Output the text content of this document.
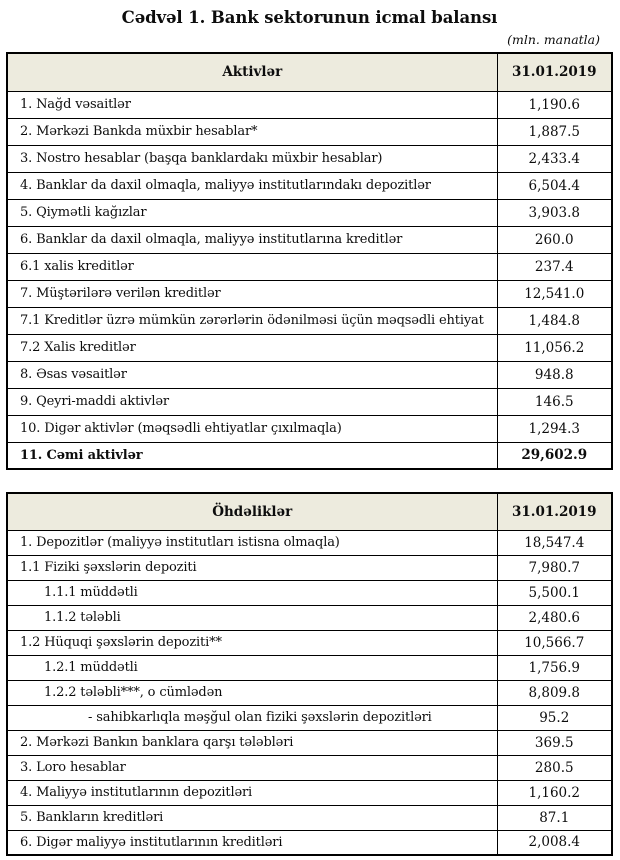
Cədvəl 1. Bank sektorunun icmal balansı
(mln. manatla)
Aktivlər	31.01.2019
1. Nağd vəsaitlər	1,190.6
2. Mərkəzi Bankda müxbir hesablar*	1,887.5
3. Nostro hesablar (başqa banklardakı müxbir hesablar)	2,433.4
4. Banklar da daxil olmaqla, maliyyə institutlarındakı depozitlər	6,504.4
5. Qiymətli kağızlar	3,903.8
6. Banklar da daxil olmaqla, maliyyə institutlarına kreditlər	260.0
6.1 xalis kreditlər	237.4
7. Müştərilərə verilən kreditlər	12,541.0
7.1 Kreditlər üzrə mümkün zərərlərin ödənilməsi üçün məqsədli ehtiyat	1,484.8
7.2 Xalis kreditlər	11,056.2
8. Əsas vəsaitlər	948.8
9. Qeyri-maddi aktivlər	146.5
10. Digər aktivlər (məqsədli ehtiyatlar çıxılmaqla)	1,294.3
11. Cəmi aktivlər	29,602.9
Öhdəliklər	31.01.2019
1. Depozitlər (maliyyə institutları istisna olmaqla)	18,547.4
1.1 Fiziki şəxslərin depoziti	7,980.7
1.1.1 müddətli	5,500.1
1.1.2 tələbli	2,480.6
1.2 Hüquqi şəxslərin depoziti**	10,566.7
1.2.1 müddətli	1,756.9
1.2.2 tələbli***, o cümlədən	8,809.8
- sahibkarlıqla məşğul olan fiziki şəxslərin depozitləri	95.2
2. Mərkəzi Bankın banklara qarşı tələbləri	369.5
3. Loro hesablar	280.5
4. Maliyyə institutlarının depozitləri	1,160.2
5. Bankların kreditləri	87.1
6. Digər maliyyə institutlarının kreditləri	2,008.4
